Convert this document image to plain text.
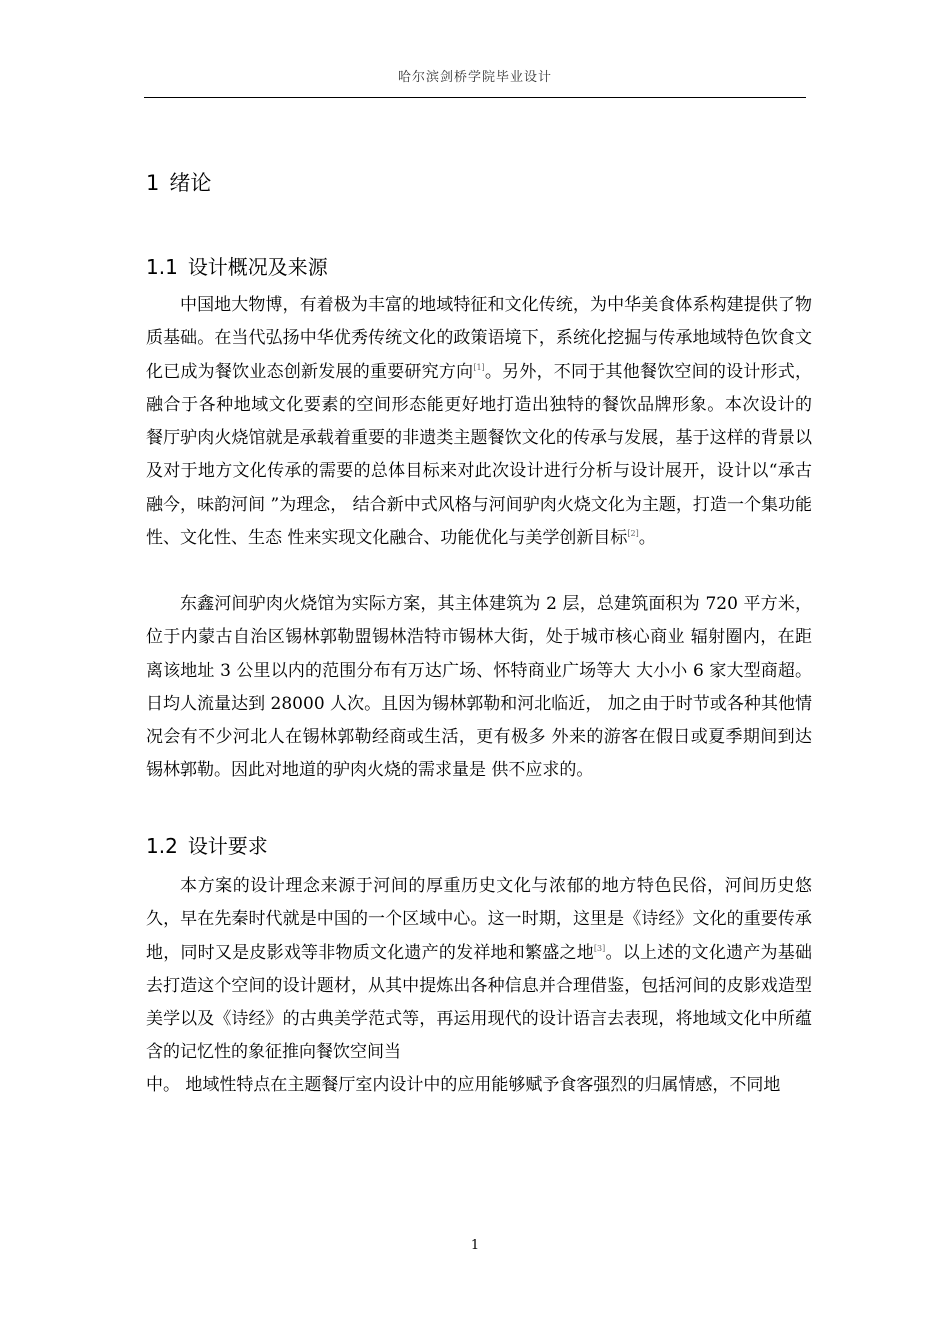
哈尔滨剑桥学院毕业设计
1 绪论
1.1 设计概况及来源

中国地大物博，有着极为丰富的地域特征和文化传统，为中华美食体系构建提供了物质基础。在当代弘扬中华优秀传统文化的政策语境下，系统化挖掘与传承地域特色饮食文化已成为餐饮业态创新发展的重要研究方向[1]。另外，不同于其他餐饮空间的设计形式，融合于各种地域文化要素的空间形态能更好地打造出独特的餐饮品牌形象。本次设计的 餐厅驴肉火烧馆就是承载着重要的非遗类主题餐饮文化的传承与发展，基于这样的背景以及对于地方文化传承的需要的总体目标来对此次设计进行分析与设计展开，设计以“承古融今，味韵河间 ”为理念， 结合新中式风格与河间驴肉火烧文化为主题，打造一个集功能性、文化性、生态 性来实现文化融合、功能优化与美学创新目标[2]。

东鑫河间驴肉火烧馆为实际方案，其主体建筑为 2 层，总建筑面积为 720 平方米，位于内蒙古自治区锡林郭勒盟锡林浩特市锡林大街，处于城市核心商业 辐射圈内，在距离该地址 3 公里以内的范围分布有万达广场、怀特商业广场等大 大小小 6 家大型商超。日均人流量达到 28000 人次。且因为锡林郭勒和河北临近， 加之由于时节或各种其他情况会有不少河北人在锡林郭勒经商或生活，更有极多 外来的游客在假日或夏季期间到达锡林郭勒。因此对地道的驴肉火烧的需求量是 供不应求的。

1.2 设计要求

本方案的设计理念来源于河间的厚重历史文化与浓郁的地方特色民俗，河间历史悠久，早在先秦时代就是中国的一个区域中心。这一时期，这里是《诗经》文化的重要传承地，同时又是皮影戏等非物质文化遗产的发祥地和繁盛之地[3]。以上述的文化遗产为基础去打造这个空间的设计题材，从其中提炼出各种信息并合理借鉴，包括河间的皮影戏造型美学以及《诗经》的古典美学范式等，再运用现代的设计语言去表现，将地域文化中所蕴含的记忆性的象征推向餐饮空间当

中。 地域性特点在主题餐厅室内设计中的应用能够赋予食客强烈的归属情感，不同地

1
